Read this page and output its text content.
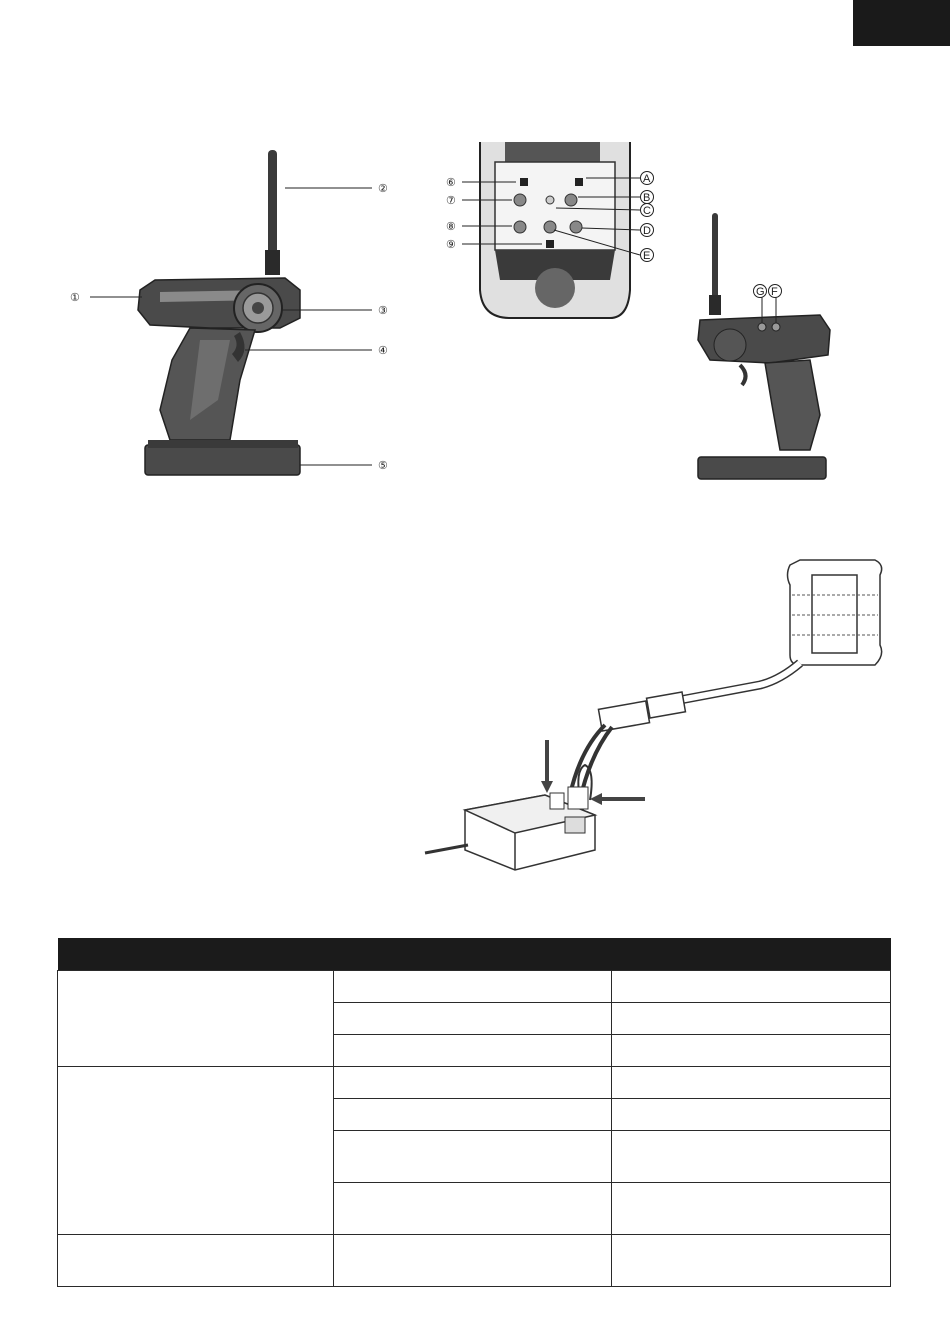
①
②
③
④
⑤
⑥
⑦
⑧
⑨
A
B
C
D
E
G F
